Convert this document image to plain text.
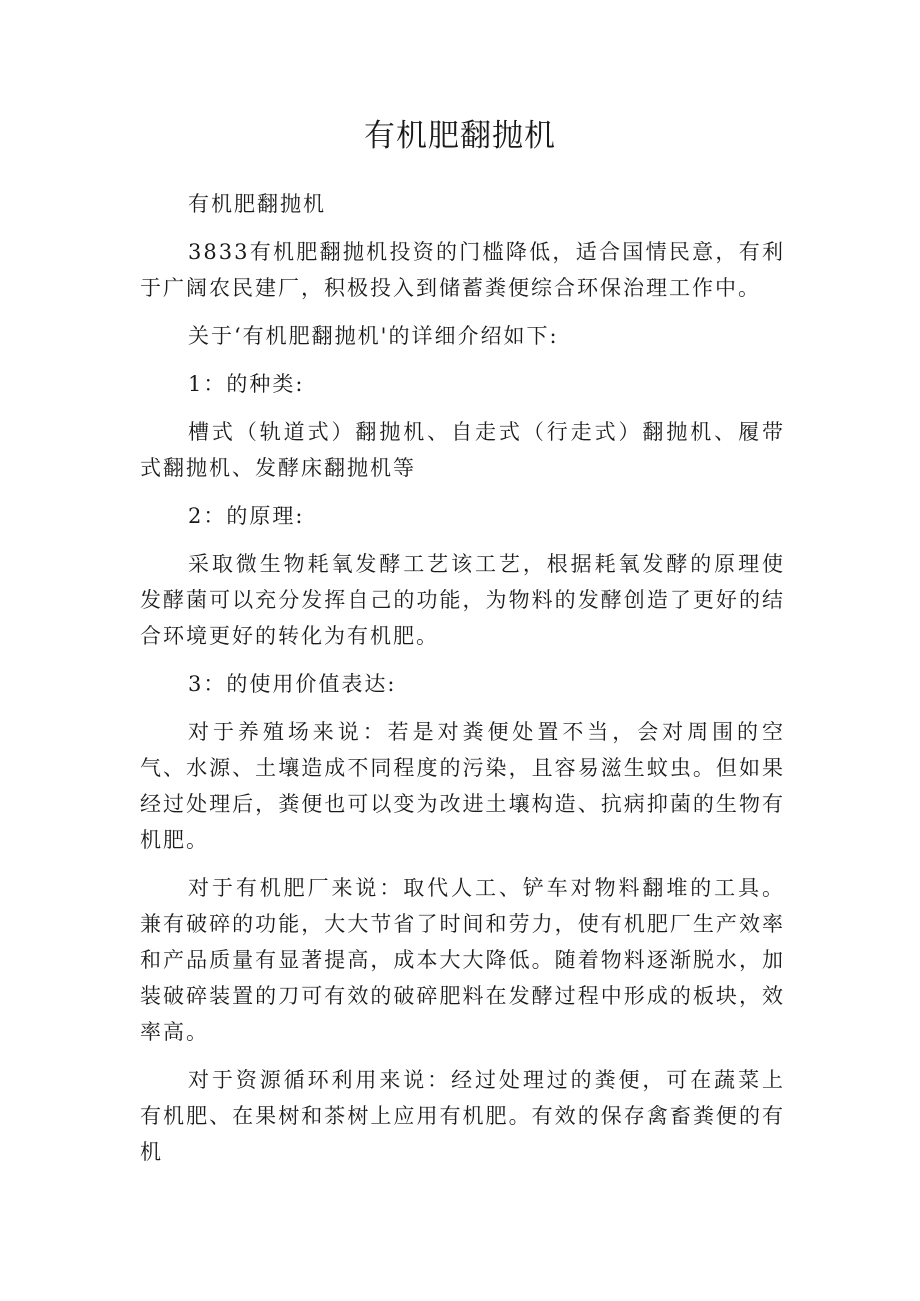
有机肥翻抛机

有机肥翻抛机

3833有机肥翻抛机投资的门槛降低，适合国情民意，有利于广阔农民建厂，积极投入到储蓄粪便综合环保治理工作中。

关于‘有机肥翻抛机'的详细介绍如下:

1：的种类:

槽式（轨道式）翻抛机、自走式（行走式）翻抛机、履带式翻抛机、发酵床翻抛机等

2：的原理:

采取微生物耗氧发酵工艺该工艺，根据耗氧发酵的原理使发酵菌可以充分发挥自己的功能，为物料的发酵创造了更好的结合环境更好的转化为有机肥。

3：的使用价值表达:

对于养殖场来说：若是对粪便处置不当，会对周围的空气、水源、土壤造成不同程度的污染，且容易滋生蚊虫。但如果经过处理后，粪便也可以变为改进土壤构造、抗病抑菌的生物有机肥。

对于有机肥厂来说：取代人工、铲车对物料翻堆的工具。兼有破碎的功能，大大节省了时间和劳力，使有机肥厂生产效率和产品质量有显著提高，成本大大降低。随着物料逐渐脱水，加装破碎装置的刀可有效的破碎肥料在发酵过程中形成的板块，效率高。

对于资源循环利用来说：经过处理过的粪便，可在蔬菜上有机肥、在果树和茶树上应用有机肥。有效的保存禽畜粪便的有机
